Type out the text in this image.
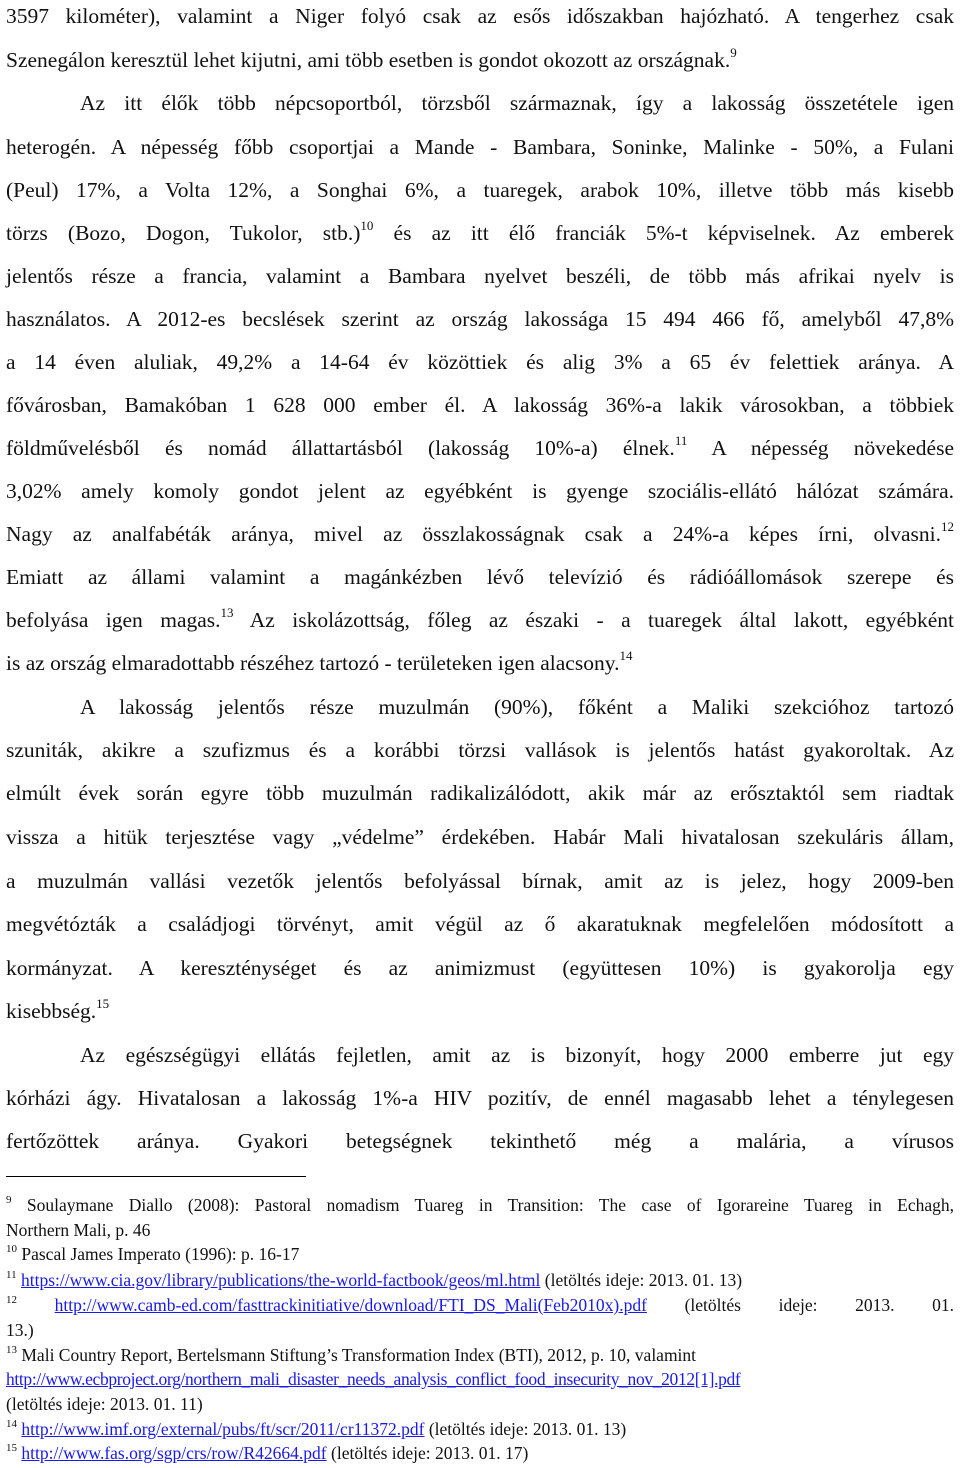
3597 kilométer), valamint a Niger folyó csak az esős időszakban hajózható. A tengerhez csak
Szenegálon keresztül lehet kijutni, ami több esetben is gondot okozott az országnak.$^9$
Az itt élők több népcsoportból, törzsből származnak, így a lakosság összetétele igen
heterogén. A népesség főbb csoportjai a Mande - Bambara, Soninke, Malinke - 50%, a Fulani
(Peul) 17%, a Volta 12%, a Songhai 6%, a tuaregek, arabok 10%, illetve több más kisebb
törzs (Bozo, Dogon, Tukolor, stb.)$^{10}$ és az itt élő franciák 5%-t képviselnek. Az emberek
jelentős része a francia, valamint a Bambara nyelvet beszéli, de több más afrikai nyelv is
használatos. A 2012-es becslések szerint az ország lakossága 15 494 466 fő, amelyből 47,8%
a 14 éven aluliak, 49,2% a 14-64 év közöttiek és alig 3% a 65 év felettiek aránya. A
fővárosban, Bamakóban 1 628 000 ember él. A lakosság 36%-a lakik városokban, a többiek
földművelésből és nomád állattartásból (lakosság 10%-a) élnek.$^{11}$ A népesség növekedése
3,02% amely komoly gondot jelent az egyébként is gyenge szociális-ellátó hálózat számára.
Nagy az analfabéták aránya, mivel az összlakosságnak csak a 24%-a képes írni, olvasni.$^{12}$
Emiatt az állami valamint a magánkézben lévő televízió és rádióállomások szerepe és
befolyása igen magas.$^{13}$ Az iskolázottság, főleg az északi - a tuaregek által lakott, egyébként
is az ország elmaradottabb részéhez tartozó - területeken igen alacsony.$^{14}$
A lakosság jelentős része muzulmán (90%), főként a Maliki szekcióhoz tartozó
szuniták, akikre a szufizmus és a korábbi törzsi vallások is jelentős hatást gyakoroltak. Az
elmúlt évek során egyre több muzulmán radikalizálódott, akik már az erősztaktól sem riadtak
vissza a hitük terjesztése vagy „védelme” érdekében. Habár Mali hivatalosan szekuláris állam,
a muzulmán vallási vezetők jelentős befolyással bírnak, amit az is jelez, hogy 2009-ben
megvétózták a családjogi törvényt, amit végül az ő akaratuknak megfelelően módosított a
kormányzat. A kereszténységet és az animizmust (együttesen 10%) is gyakorolja egy
kisebbség.$^{15}$
Az egészségügyi ellátás fejletlen, amit az is bizonyít, hogy 2000 emberre jut egy
kórházi ágy. Hivatalosan a lakosság 1%-a HIV pozitív, de ennél magasabb lehet a ténylegesen
fertőzöttek aránya. Gyakori betegségnek tekinthető még a malária, a vírusos
$^9$ Soulaymane Diallo (2008): Pastoral nomadism Tuareg in Transition: The case of Igorareine Tuareg in Echagh,
Northern Mali, p. 46
$^{10}$ Pascal James Imperato (1996): p. 16-17
$^{11}$ https://www.cia.gov/library/publications/the-world-factbook/geos/ml.html (letöltés ideje: 2013. 01. 13)
$^{12}$ http://www.camb-ed.com/fasttrackinitiative/download/FTI_DS_Mali(Feb2010x).pdf (letöltés ideje: 2013. 01.
13.)
$^{13}$ Mali Country Report, Bertelsmann Stiftung’s Transformation Index (BTI), 2012, p. 10, valamint
http://www.ecbproject.org/northern_mali_disaster_needs_analysis_conflict_food_insecurity_nov_2012[1].pdf
(letöltés ideje: 2013. 01. 11)
$^{14}$ http://www.imf.org/external/pubs/ft/scr/2011/cr11372.pdf (letöltés ideje: 2013. 01. 13)
$^{15}$ http://www.fas.org/sgp/crs/row/R42664.pdf (letöltés ideje: 2013. 01. 17)
